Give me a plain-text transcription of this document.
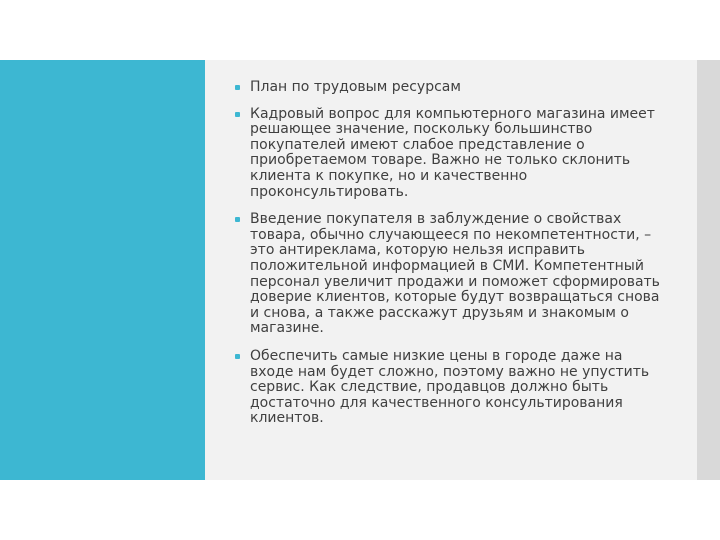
План по трудовым ресурсам
Кадровый вопрос для компьютерного магазина имеет решающее значение, поскольку большинство покупателей имеют слабое представление о приобретаемом товаре. Важно не только склонить клиента к покупке, но и качественно проконсультировать.
Введение покупателя в заблуждение о свойствах товара, обычно случающееся по некомпетентности, – это антиреклама, которую нельзя исправить положительной информацией в СМИ. Компетентный персонал увеличит продажи и поможет сформировать доверие клиентов, которые будут возвращаться снова и снова, а также расскажут друзьям и знакомым о магазине.
Обеспечить самые низкие цены в городе даже на входе нам будет сложно, поэтому важно не упустить сервис. Как следствие, продавцов должно быть достаточно для качественного консультирования клиентов.
